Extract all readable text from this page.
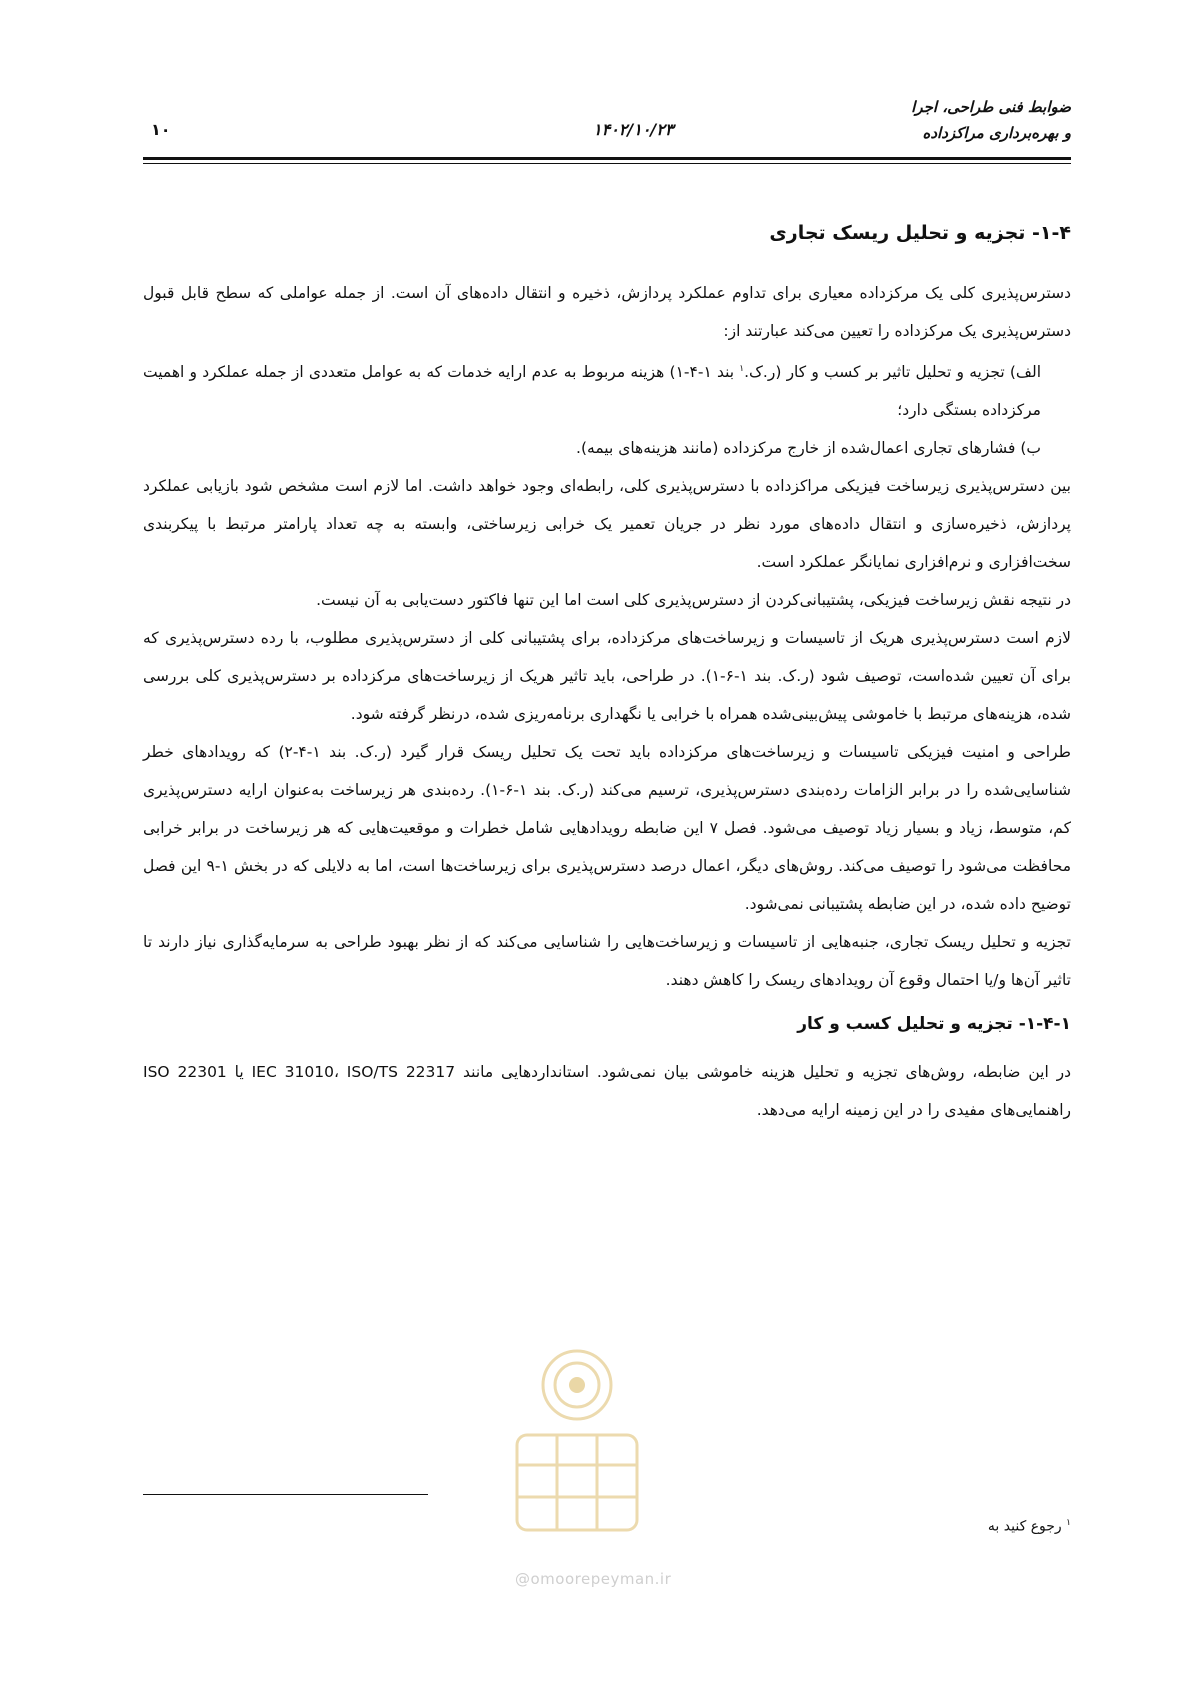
ضوابط فنی طراحی، اجرا
و بهره‌برداری مراکزداده
۱۴۰۲/۱۰/۲۳
۱۰
۱-۴- تجزیه و تحلیل ریسک تجاری

دسترس‌پذیری کلی یک مرکزداده معیاری برای تداوم عملکرد پردازش، ذخیره و انتقال داده‌های آن است. از جمله عواملی که سطح قابل قبول دسترس‌پذیری یک مرکزداده را تعیین می‌کند عبارتند از:

الف) تجزیه و تحلیل تاثیر بر کسب و کار (ر.ک.$^۱$ بند ۱-۴-۱) هزینه مربوط به عدم ارایه خدمات که به عوامل متعددی از جمله عملکرد و اهمیت مرکزداده بستگی دارد؛

ب) فشارهای تجاری اعمال‌شده از خارج مرکزداده (مانند هزینه‌های بیمه).

بین دسترس‌پذیری زیرساخت فیزیکی مراکزداده با دسترس‌پذیری کلی، رابطه‌ای وجود خواهد داشت. اما لازم است مشخص شود بازیابی عملکرد پردازش، ذخیره‌سازی و انتقال داده‌های مورد نظر در جریان تعمیر یک خرابی زیرساختی، وابسته به چه تعداد پارامتر مرتبط با پیکربندی سخت‌افزاری و نرم‌افزاری نمایانگر عملکرد است.

در نتیجه نقش زیرساخت فیزیکی، پشتیبانی‌کردن از دسترس‌پذیری کلی است اما این تنها فاکتور دست‌یابی به آن نیست.

لازم است دسترس‌پذیری هریک از تاسیسات و زیرساخت‌های مرکزداده، برای پشتیبانی کلی از دسترس‌پذیری مطلوب، با رده دسترس‌پذیری که برای آن تعیین شده‌است، توصیف شود (ر.ک. بند ۱-۶-۱). در طراحی، باید تاثیر هریک از زیرساخت‌های مرکزداده بر دسترس‌پذیری کلی بررسی شده، هزینه‌های مرتبط با خاموشی پیش‌بینی‌شده همراه با خرابی یا نگهداری برنامه‌ریزی شده، درنظر گرفته شود.

طراحی و امنیت فیزیکی تاسیسات و زیرساخت‌های مرکزداده باید تحت یک تحلیل ریسک قرار گیرد (ر.ک. بند ۱-۴-۲) که رویدادهای خطر شناسایی‌شده را در برابر الزامات رده‌بندی دسترس‌پذیری، ترسیم می‌کند (ر.ک. بند ۱-۶-۱). رده‌بندی هر زیرساخت به‌عنوان ارایه دسترس‌پذیری کم، متوسط، زیاد و بسیار زیاد توصیف می‌شود. فصل ۷ این ضابطه رویدادهایی شامل خطرات و موقعیت‌هایی که هر زیرساخت در برابر خرابی محافظت می‌شود را توصیف می‌کند. روش‌های دیگر، اعمال درصد دسترس‌پذیری برای زیرساخت‌ها است، اما به دلایلی که در بخش ۱-۹ این فصل توضیح داده شده، در این ضابطه پشتیبانی نمی‌شود.

تجزیه و تحلیل ریسک تجاری، جنبه‌هایی از تاسیسات و زیرساخت‌هایی را شناسایی می‌کند که از نظر بهبود طراحی به سرمایه‌گذاری نیاز دارند تا تاثیر آن‌ها و/یا احتمال وقوع آن رویدادهای ریسک را کاهش دهند.

۱-۴-۱- تجزیه و تحلیل کسب و کار

در این ضابطه، روش‌های تجزیه و تحلیل هزینه خاموشی بیان نمی‌شود. استانداردهایی مانند IEC 31010، ISO/TS 22317 یا ISO 22301 راهنمایی‌های مفیدی را در این زمینه ارایه می‌دهد.

$^۱$ رجوع کنید به
@omoorepeyman.ir
